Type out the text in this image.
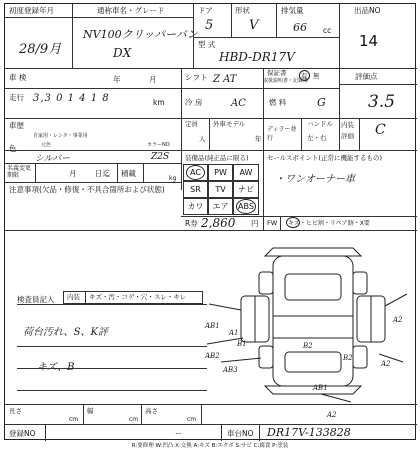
初度登録年月
28/9月
通称車名・グレード
NV100クリッパーバン
DX
ドア
5
形状
V
排気量
66 cc
型 式
HBD-DR17V
出品NO
14
車 検	年	月	シフト Z AT
保証書
取扱説明書・記録簿
有 無	評価点
3.5
走行 3,3 0 1 4 1 8	km	冷 房	AC	燃 料	G
車歴
自家用・レンタ・事業用
定員
人
外車モデル
年
ディラー並行
ハンドル
左・右
内装
評価 C
色	元色	カラーNO
シルバー	Z2S
名義変更期限	月 日迄 積載
kg
注意事項(欠品・修復・不具合箇所および状態)
装備品(純正品に限る)
AC	PW	AW
SR	TV	ナビ
カワ	エア	ABS
R券 2,860 円 FW キズ・ヒビ割・リペア跡・X要
セールスポイント(正常に機能するもの)
・ワンオーナー車
検査員記入 内装 キズ・汚・コゲ・穴・スレ・キレ
荷台汚れ、S、K評
キズ、B
A1
B1	B2
B2
AB1
AB2
AB3
A2
A2
AB1
A2
長さ
cm
幅
cm
高さ
cm
登録NO	ー	車台NO DR17V-133828
R:要修理 W:凹凸 X:交換 A:キズ B:エクボ S:サビ C:腐食 P:塗装
